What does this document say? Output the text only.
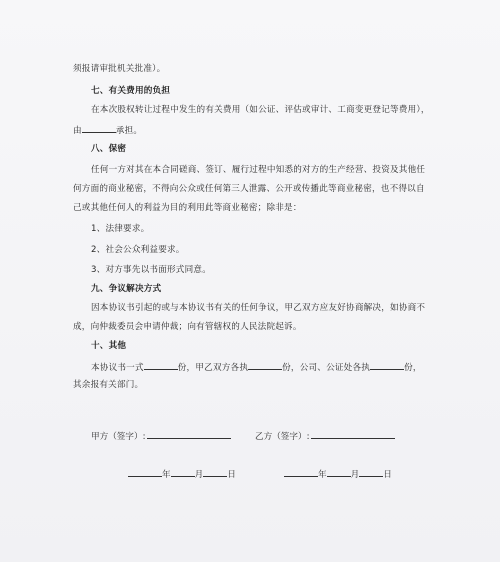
须报请审批机关批准）。
七、有关费用的负担
在本次股权转让过程中发生的有关费用（如公证、评估或审计、工商变更登记等费用），
由	承担。
八、保密
任何一方对其在本合同磋商、签订、履行过程中知悉的对方的生产经营、投资及其他任
何方面的商业秘密，不得向公众或任何第三人泄露、公开或传播此等商业秘密，也不得以自
己或其他任何人的利益为目的利用此等商业秘密；除非是：
1、法律要求。
2、社会公众利益要求。
3、对方事先以书面形式同意。
九、争议解决方式
因本协议书引起的或与本协议书有关的任何争议，甲乙双方应友好协商解决，如协商不
成，向仲裁委员会申请仲裁；向有管辖权的人民法院起诉。
十、其他
本协议书一式	份，甲乙双方各执	份，公司、公证处各执	份，
其余报有关部门。
甲方（签字）:	乙方（签字）:
年	月	日	年	月	日
